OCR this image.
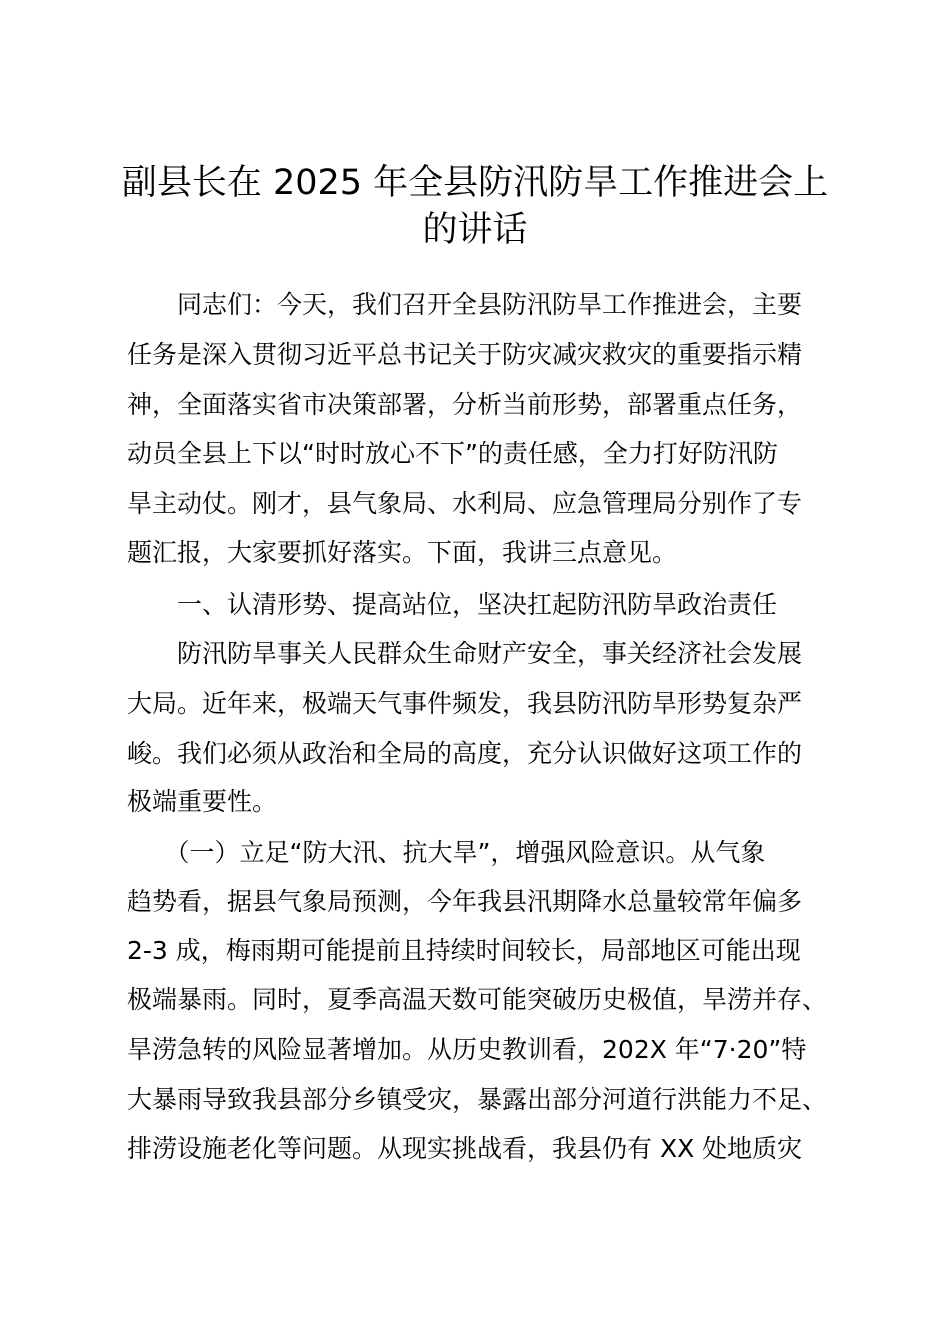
副县长在 2025 年全县防汛防旱工作推进会上
的讲话

　　同志们：今天，我们召开全县防汛防旱工作推进会，主要

任务是深入贯彻习近平总书记关于防灾减灾救灾的重要指示精

神，全面落实省市决策部署，分析当前形势，部署重点任务，

动员全县上下以“时时放心不下”的责任感，全力打好防汛防

旱主动仗。刚才，县气象局、水利局、应急管理局分别作了专

题汇报，大家要抓好落实。下面，我讲三点意见。

　　一、认清形势、提高站位，坚决扛起防汛防旱政治责任

　　防汛防旱事关人民群众生命财产安全，事关经济社会发展

大局。近年来，极端天气事件频发，我县防汛防旱形势复杂严

峻。我们必须从政治和全局的高度，充分认识做好这项工作的

极端重要性。

　　（一）立足“防大汛、抗大旱”，增强风险意识。从气象

趋势看，据县气象局预测，今年我县汛期降水总量较常年偏多

2-3 成，梅雨期可能提前且持续时间较长，局部地区可能出现

极端暴雨。同时，夏季高温天数可能突破历史极值，旱涝并存、

旱涝急转的风险显著增加。从历史教训看，202X 年“7·20”特

大暴雨导致我县部分乡镇受灾，暴露出部分河道行洪能力不足、

排涝设施老化等问题。从现实挑战看，我县仍有 XX 处地质灾
